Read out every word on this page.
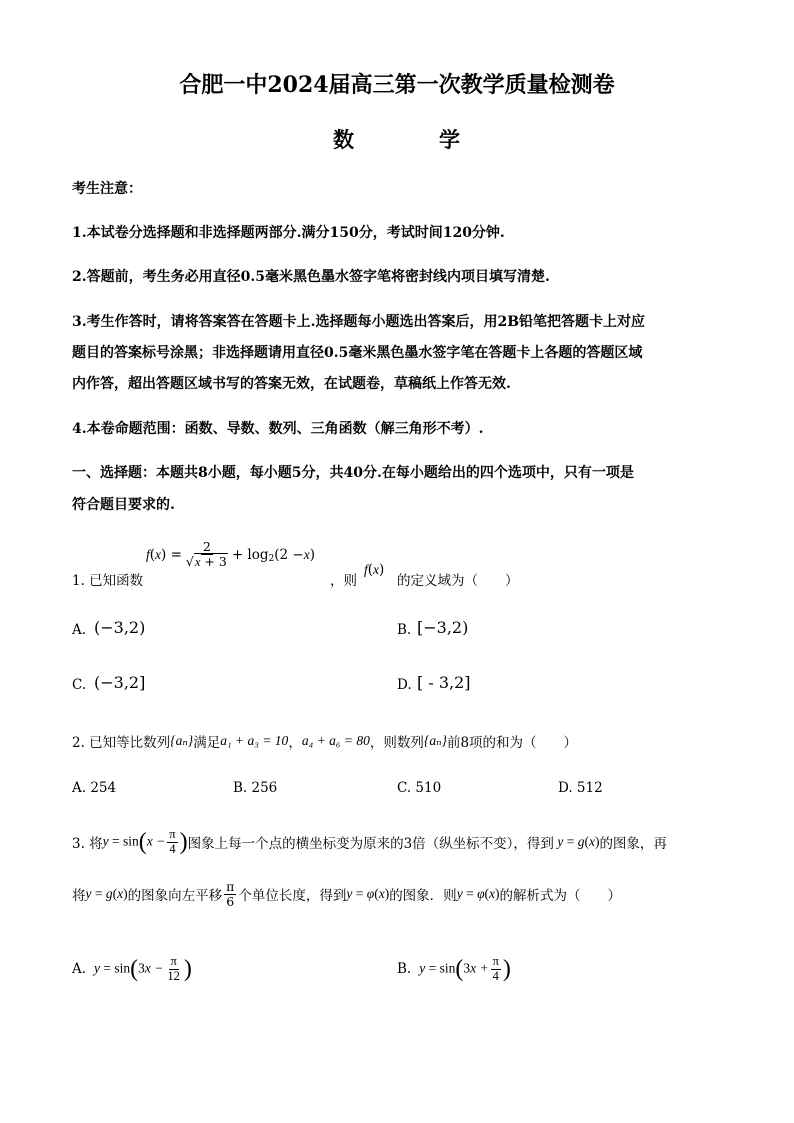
合肥一中2024届高三第一次教学质量检测卷
数	学
考生注意：
1.本试卷分选择题和非选择题两部分.满分150分，考试时间120分钟.
2.答题前，考生务必用直径0.5毫米黑色墨水签字笔将密封线内项目填写清楚.
3.考生作答时，请将答案答在答题卡上.选择题每小题选出答案后，用2B铅笔把答题卡上对应
题目的答案标号涂黑；非选择题请用直径0.5毫米黑色墨水签字笔在答题卡上各题的答题区域
内作答，超出答题区域书写的答案无效，在试题卷，草稿纸上作答无效.
4.本卷命题范围：函数、导数、数列、三角函数（解三角形不考）.
一、选择题：本题共8小题，每小题5分，共40分.在每小题给出的四个选项中，只有一项是
符合题目要求的.
1. 已知函数
f ( x ) = $\frac{2}{√x + 3} + \log 2$ (2 − x )
，则
f(x)
的定义域为（　　）
A. (−3,2)	B. [−3,2)
C. (−3,2]	D. [ - 3,2]
2. 已知等比数列 {aₙ} 满足 a₁ + a₃ = 10 ， a₄ + a₆ = 80 ，则数列 {aₙ} 前8项的和为（　　）
A. 254	B. 256	C. 510	D. 512
3. 将 $y = \sin(x - \frac{\pi}{4}$ ) 图象上每一个点的横坐标变为原来的3倍（纵坐标不变），得到 y = g(x) 的图象，再
将 y = g(x) 的图象向左平移 $\frac{\pi}{6}$ 个单位长度，得到 y = φ(x) 的图象．则 y = φ(x) 的解析式为（　　）
A. $y = \sin(3x - \frac{\pi}{12}$ )	B. $y = \sin(3x + \frac{\pi}{4}$ )
